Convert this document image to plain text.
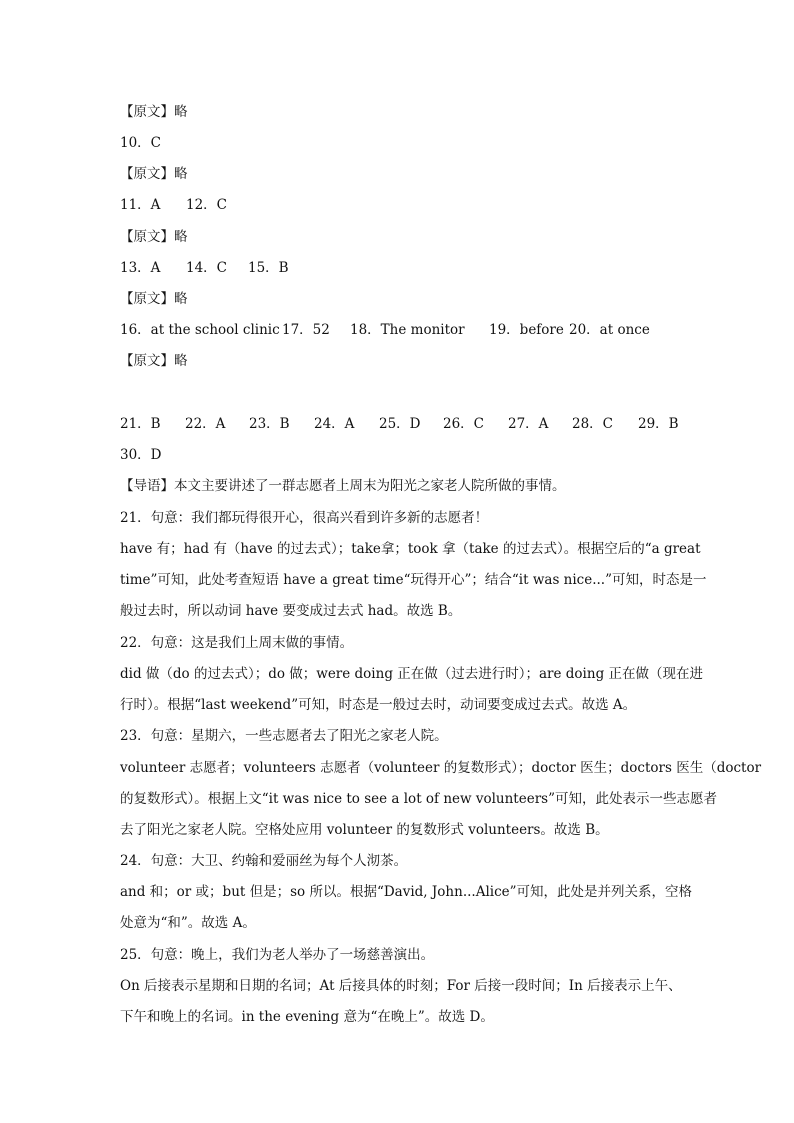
【原文】略
10．C
【原文】略
11．A 12．C
【原文】略
13．A 14．C 15．B
【原文】略
16．at the school clinic 17．52 18．The monitor 19．before 20．at once
【原文】略
21．B 22．A 23．B 24．A 25．D 26．C 27．A 28．C 29．B
30．D
【导语】本文主要讲述了一群志愿者上周末为阳光之家老人院所做的事情。
21．句意：我们都玩得很开心，很高兴看到许多新的志愿者！
have 有；had 有（have 的过去式）；take拿；took 拿（take 的过去式）。根据空后的“a great
time”可知，此处考查短语 have a great time“玩得开心”；结合“it was nice...”可知，时态是一
般过去时，所以动词 have 要变成过去式 had。故选 B。
22．句意：这是我们上周末做的事情。
did 做（do 的过去式）；do 做；were doing 正在做（过去进行时）；are doing 正在做（现在进
行时）。根据“last weekend”可知，时态是一般过去时，动词要变成过去式。故选 A。
23．句意：星期六，一些志愿者去了阳光之家老人院。
volunteer 志愿者；volunteers 志愿者（volunteer 的复数形式）；doctor 医生；doctors 医生（doctor
的复数形式）。根据上文“it was nice to see a lot of new volunteers”可知，此处表示一些志愿者
去了阳光之家老人院。空格处应用 volunteer 的复数形式 volunteers。故选 B。
24．句意：大卫、约翰和爱丽丝为每个人沏茶。
and 和；or 或；but 但是；so 所以。根据“David, John...Alice”可知，此处是并列关系，空格
处意为“和”。故选 A。
25．句意：晚上，我们为老人举办了一场慈善演出。
On 后接表示星期和日期的名词；At 后接具体的时刻；For 后接一段时间；In 后接表示上午、
下午和晚上的名词。in the evening 意为“在晚上”。故选 D。
